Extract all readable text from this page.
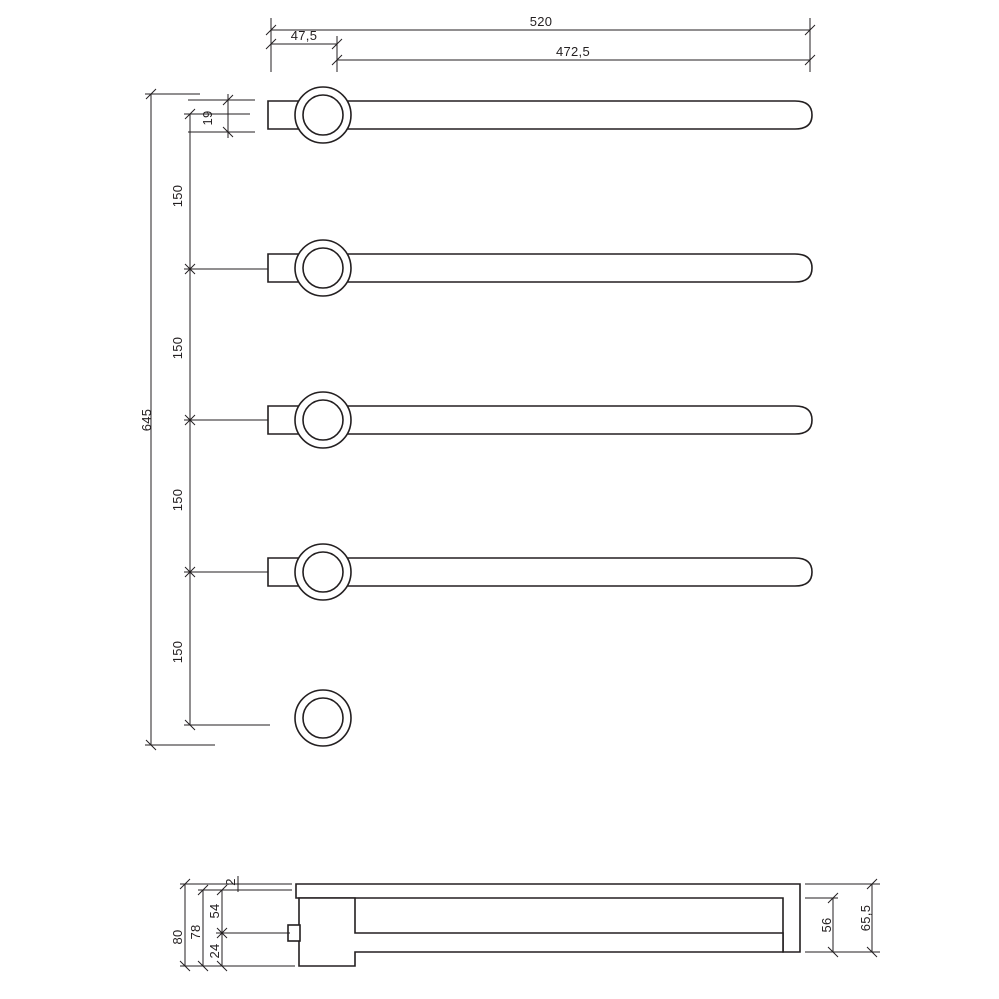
520
47,5
472,5
19
645
150
150
150
150
2
80 78
54
24
56 65,5
